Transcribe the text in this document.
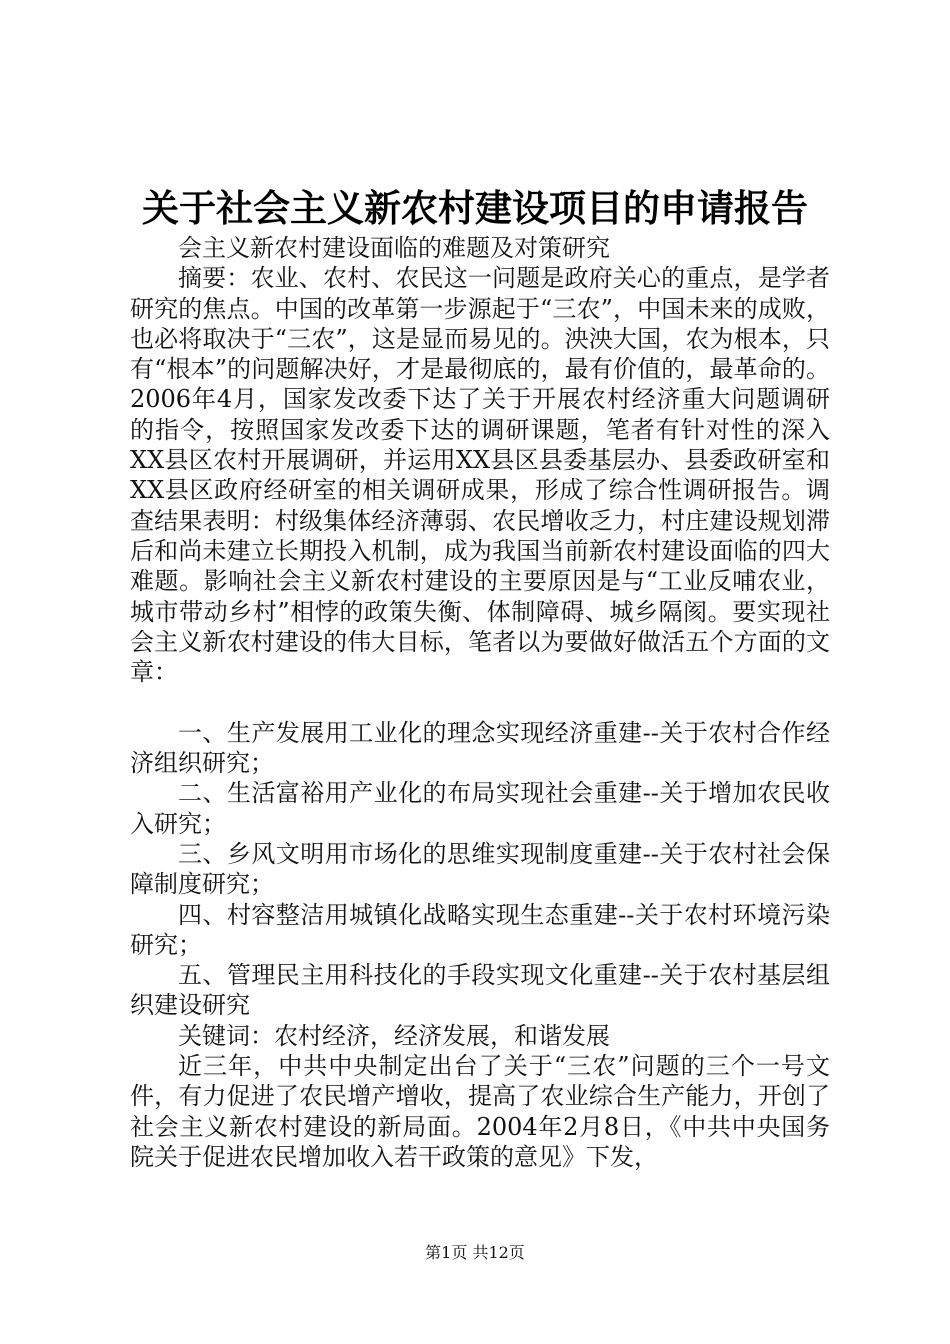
关于社会主义新农村建设项目的申请报告

会主义新农村建设面临的难题及对策研究

摘要：农业、农村、农民这一问题是政府关心的重点，是学者研究的焦点。中国的改革第一步源起于“三农”，中国未来的成败，也必将取决于“三农”，这是显而易见的。泱泱大国，农为根本，只有“根本”的问题解决好，才是最彻底的，最有价值的，最革命的。2006年4月，国家发改委下达了关于开展农村经济重大问题调研的指令，按照国家发改委下达的调研课题，笔者有针对性的深入XX县区农村开展调研，并运用XX县区县委基层办、县委政研室和XX县区政府经研室的相关调研成果，形成了综合性调研报告。调查结果表明：村级集体经济薄弱、农民增收乏力，村庄建设规划滞后和尚未建立长期投入机制，成为我国当前新农村建设面临的四大难题。影响社会主义新农村建设的主要原因是与“工业反哺农业，城市带动乡村”相悖的政策失衡、体制障碍、城乡隔阂。要实现社会主义新农村建设的伟大目标，笔者以为要做好做活五个方面的文章：

一、生产发展用工业化的理念实现经济重建--关于农村合作经济组织研究；

二、生活富裕用产业化的布局实现社会重建--关于增加农民收入研究；

三、乡风文明用市场化的思维实现制度重建--关于农村社会保障制度研究；

四、村容整洁用城镇化战略实现生态重建--关于农村环境污染研究；

五、管理民主用科技化的手段实现文化重建--关于农村基层组织建设研究

关键词：农村经济，经济发展，和谐发展

近三年，中共中央制定出台了关于“三农”问题的三个一号文件，有力促进了农民增产增收，提高了农业综合生产能力，开创了社会主义新农村建设的新局面。2004年2月8日，《中共中央国务院关于促进农民增加收入若干政策的意见》下发，

第1页 共12页
